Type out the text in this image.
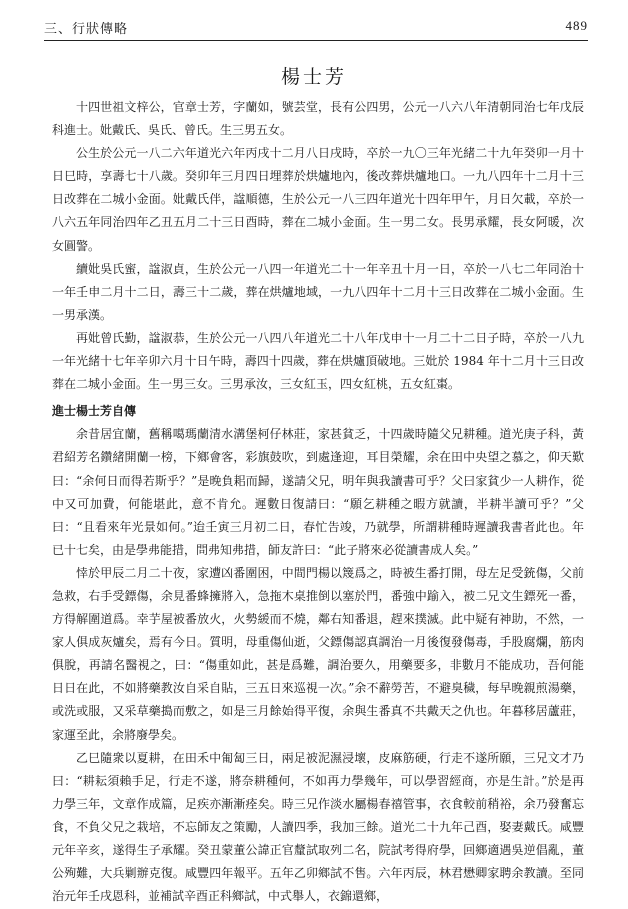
三、行狀傳略	489
楊士芳

十四世祖文梓公，官章士芳，字蘭如，號芸堂，長有公四男，公元一八六八年清朝同治七年戊辰科進士。妣戴氏、吳氏、曾氏。生三男五女。

公生於公元一八二六年道光六年丙戌十二月八日戌時，卒於一九〇三年光緒二十九年癸卯一月十日巳時，享壽七十八歲。癸卯年三月四日埋葬於烘爐地內，後改葬烘爐地口。一九八四年十二月十三日改葬在二城小金面。妣戴氏伴，諡順德，生於公元一八三四年道光十四年甲午，月日欠載，卒於一八六五年同治四年乙丑五月二十三日酉時，葬在二城小金面。生一男二女。長男承耀，長女阿暖，次女圓警。

續妣吳氏蜜，諡淑貞，生於公元一八四一年道光二十一年辛丑十月一日，卒於一八七二年同治十一年壬申二月十二日，壽三十二歲，葬在烘爐地域，一九八四年十二月十三日改葬在二城小金面。生一男承漢。

再妣曾氏勤，諡淑恭，生於公元一八四八年道光二十八年戊申十一月二十二日子時，卒於一八九一年光緒十七年辛卯六月十日午時，壽四十四歲，葬在烘爐頂破地。三妣於 1984 年十二月十三日改葬在二城小金面。生一男三女。三男承汝，三女紅玉，四女紅桃，五女紅棗。

進士楊士芳自傳

余昔居宜蘭，舊稱噶瑪蘭清水溝堡柯仔林莊，家甚貧乏，十四歲時隨父兄耕種。道光庚子科，黃君紹芳名鑽緒開蘭一榜，下鄉會客，彩旗鼓吹，到處逢迎，耳目榮耀，余在田中央望之慕之，仰天歎曰：“余何日而得若斯乎？”是晚負耜而歸，遂請父兄，明年與我讀書可乎？父曰家貧少一人耕作，從中又可加費，何能堪此，意不肯允。遲數日復請曰：“願乞耕種之暇方就讀，半耕半讀可乎？”父曰：“且看來年光景如何。”迨壬寅三月初二日，春忙告竣，乃就學，所謂耕種時遲讀我書者此也。年已十七矣，由是學弗能措，問弗知弗措，師友許曰：“此子將來必從讀書成人矣。”

悻於甲辰二月二十夜，家遭凶番圍困，中間門楊以篾爲之，時被生番打開，母左足受銃傷，父前急救，右手受鏢傷，余見番蜂擁將入，急拖木桌推倒以塞於門，番強中踰入，被二兄文生鏢死一番，方得解圍道爲。幸芋屋被番放火，火勢緩而不燒，鄰右知番退，趕來撲滅。此中疑有神助，不然，一家人俱成灰爐矣，焉有今日。質明，母重傷仙逝，父鏢傷認真調治一月後復發傷毒，手股腐爛，筋肉俱脫，再請名醫視之，曰：“傷重如此，甚是爲難，調治要久，用藥要多，非數月不能成功，吾何能日日在此，不如將藥教汝自采自貼，三五日來巡視一次。”余不辭勞苦，不避臭穢，每早晚親煎湯藥，或洗或服，又采草藥搗而敷之，如是三月餘始得平復，余與生番真不共戴天之仇也。年暮移居蘆莊，家運至此，余將廢學矣。

乙巳隨衆以夏耕，在田禾中匍匐三日，兩足被泥濕浸壞，皮麻筋硬，行走不遂所願，三兄文才乃曰：“耕耘須賴手足，行走不遂，將奈耕種何，不如再力學幾年，可以學習經商，亦是生計。”於是再力學三年，文章作成篇，足疾亦漸漸痊矣。時三兄作淡水屬楊春禧管事，衣食較前稍裕，余乃發奮忘食，不負父兄之栽培，不忘師友之策勵，人讀四季，我加三餘。道光二十九年己酉，娶妻戴氏。咸豐元年辛亥，遂得生子承耀。癸丑蒙董公諱正官釐試取列二名，院試考得府學，回鄉適遇吳逆倡亂，董公殉難，大兵剿辦克復。咸豐四年報平。五年乙卯鄉試不售。六年丙辰，林君懋卿家聘余教讀。至同治元年壬戌恩科，並補試辛酉正科鄉試，中式舉人，衣錦還鄉，
